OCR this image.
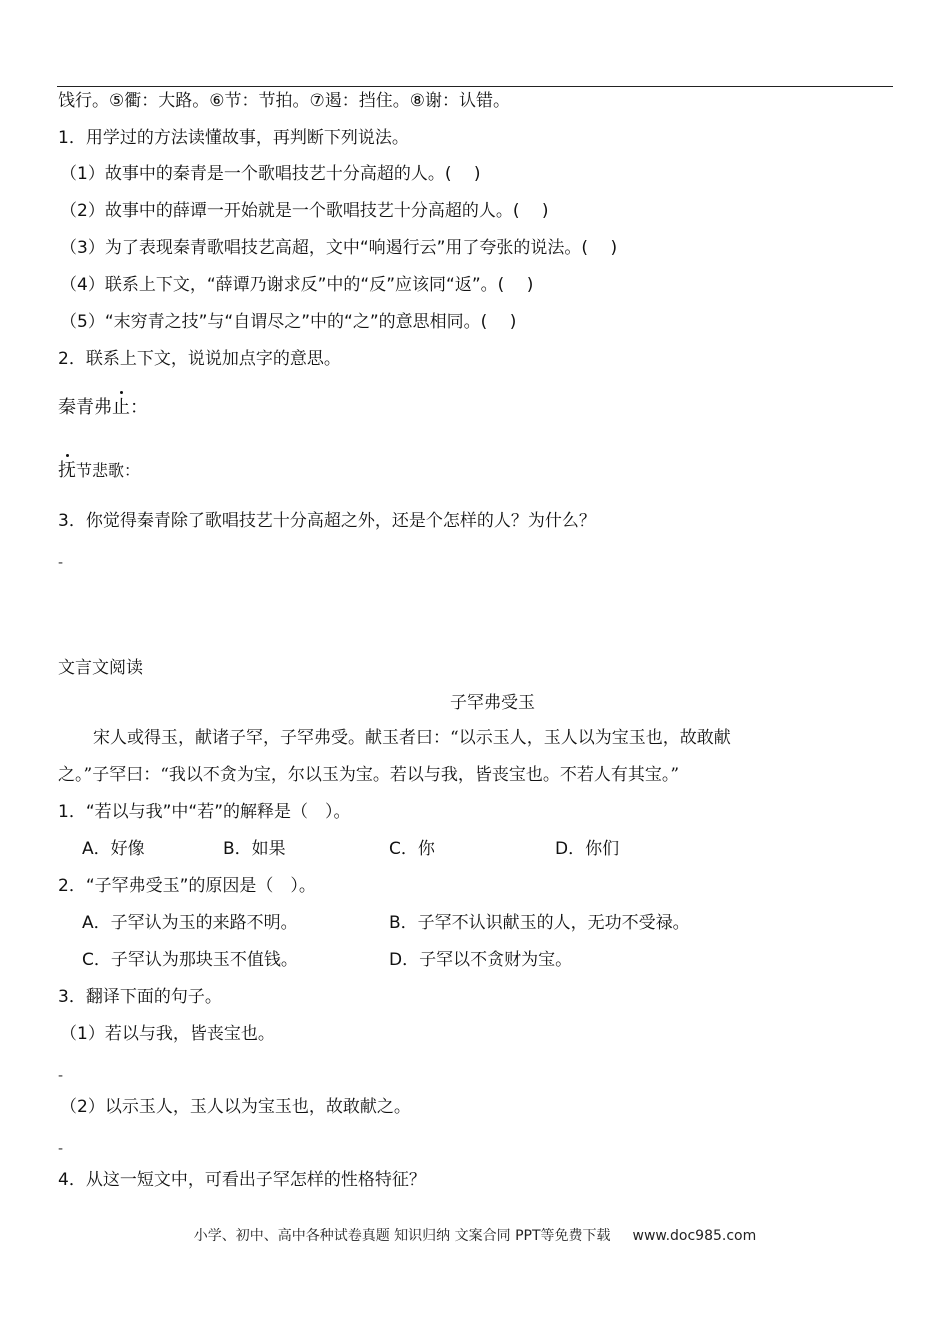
饯行。⑤衢：大路。⑥节：节拍。⑦遏：挡住。⑧谢：认错。
1．用学过的方法读懂故事，再判断下列说法。
（1）故事中的秦青是一个歌唱技艺十分高超的人。(　 )
（2）故事中的薛谭一开始就是一个歌唱技艺十分高超的人。(　 )
（3）为了表现秦青歌唱技艺高超，文中“响遏行云”用了夸张的说法。(　 )
（4）联系上下文，“薛谭乃谢求反”中的“反”应该同“返”。(　 )
（5）“末穷青之技”与“自谓尽之”中的“之”的意思相同。(　 )
2．联系上下文，说说加点字的意思。
秦青弗
止：
抚节悲歌：
3．你觉得秦青除了歌唱技艺十分高超之外，还是个怎样的人？为什么？
-
文言文阅读
子罕弗受玉
宋人或得玉，献诸子罕，子罕弗受。献玉者曰：“以示玉人，玉人以为宝玉也，故敢献
之。”子罕曰：“我以不贪为宝，尔以玉为宝。若以与我，皆丧宝也。不若人有其宝。”
1．“若以与我”中“若”的解释是（　）。
A．好像	B．如果	C．你	D．你们
2．“子罕弗受玉”的原因是（　）。
A．子罕认为玉的来路不明。	B．子罕不认识献玉的人，无功不受禄。
C．子罕认为那块玉不值钱。	D．子罕以不贪财为宝。
3．翻译下面的句子。
（1）若以与我，皆丧宝也。
-
（2）以示玉人，玉人以为宝玉也，故敢献之。
-
4．从这一短文中，可看出子罕怎样的性格特征？
小学、初中、高中各种试卷真题 知识归纳 文案合同 PPT等免费下载 www.doc985.com
